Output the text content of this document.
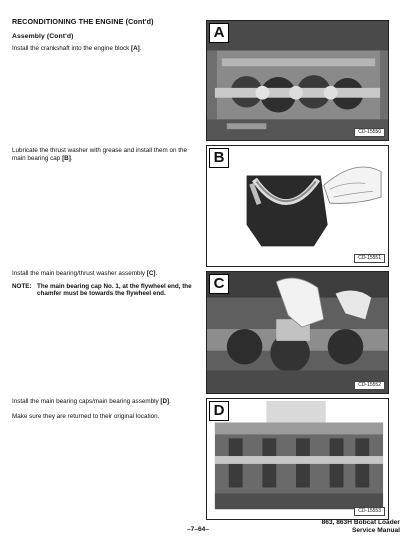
RECONDITIONING THE ENGINE (Cont'd)
Assembly (Cont'd)
Install the crankshaft into the engine block [A].
Lubricate the thrust washer with grease and install them on the main bearing cap [B].
Install the main bearing/thrust washer assembly [C].
NOTE: The main bearing cap No. 1, at the flywheel end, the chamfer must be towards the flywheel end.
Install the main bearing caps/main bearing assembly [D].
Make sure they are returned to their original location.
A
CD-15550
B
CD-15551
C
CD-15552
D
CD-15553
–7–64–
863, 863H Bobcat Loader
Service Manual
